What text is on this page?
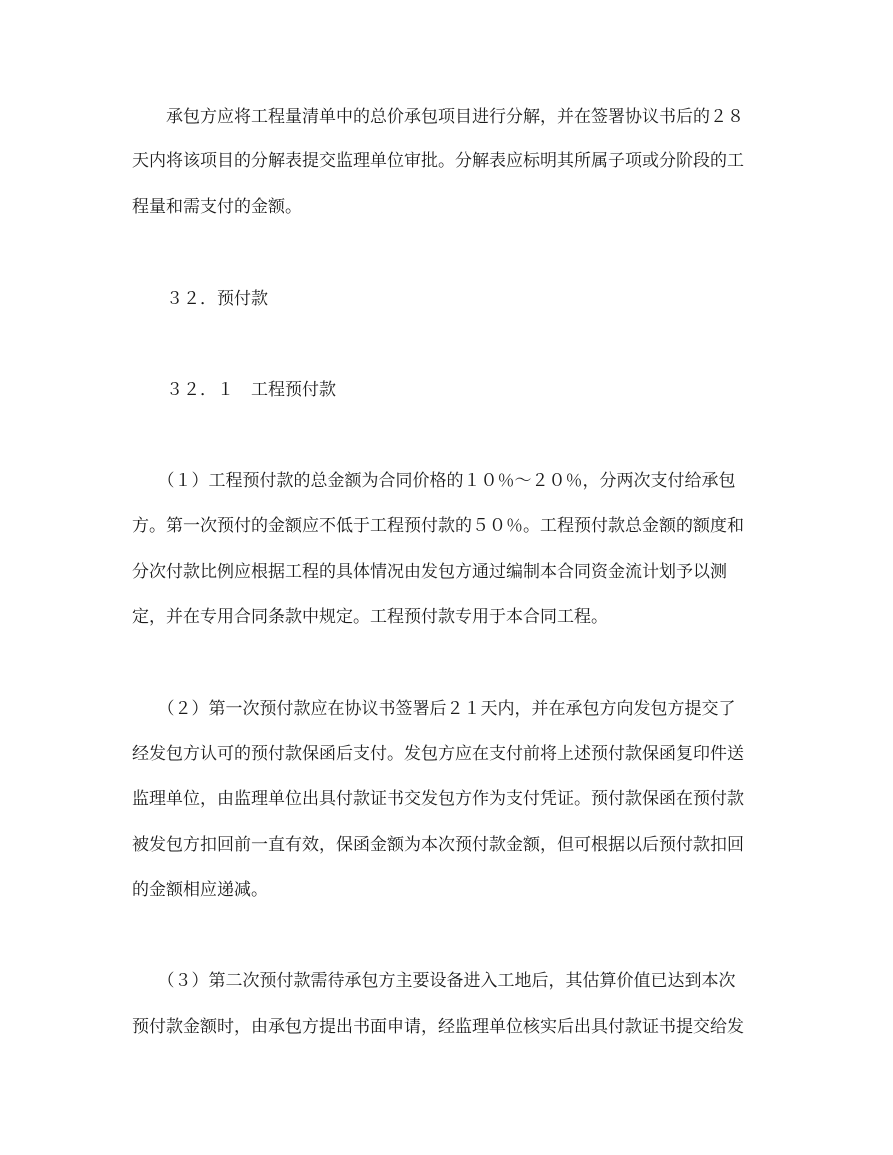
　　承包方应将工程量清单中的总价承包项目进行分解，并在签署协议书后的２８
天内将该项目的分解表提交监理单位审批。分解表应标明其所属子项或分阶段的工
程量和需支付的金额。
　　３２．预付款
　　３２．１　工程预付款
　　（１）工程预付款的总金额为合同价格的１０％～２０％，分两次支付给承包
方。第一次预付的金额应不低于工程预付款的５０％。工程预付款总金额的额度和
分次付款比例应根据工程的具体情况由发包方通过编制本合同资金流计划予以测
定，并在专用合同条款中规定。工程预付款专用于本合同工程。
　　（２）第一次预付款应在协议书签署后２１天内，并在承包方向发包方提交了
经发包方认可的预付款保函后支付。发包方应在支付前将上述预付款保函复印件送
监理单位，由监理单位出具付款证书交发包方作为支付凭证。预付款保函在预付款
被发包方扣回前一直有效，保函金额为本次预付款金额，但可根据以后预付款扣回
的金额相应递减。
　　（３）第二次预付款需待承包方主要设备进入工地后，其估算价值已达到本次
预付款金额时，由承包方提出书面申请，经监理单位核实后出具付款证书提交给发
